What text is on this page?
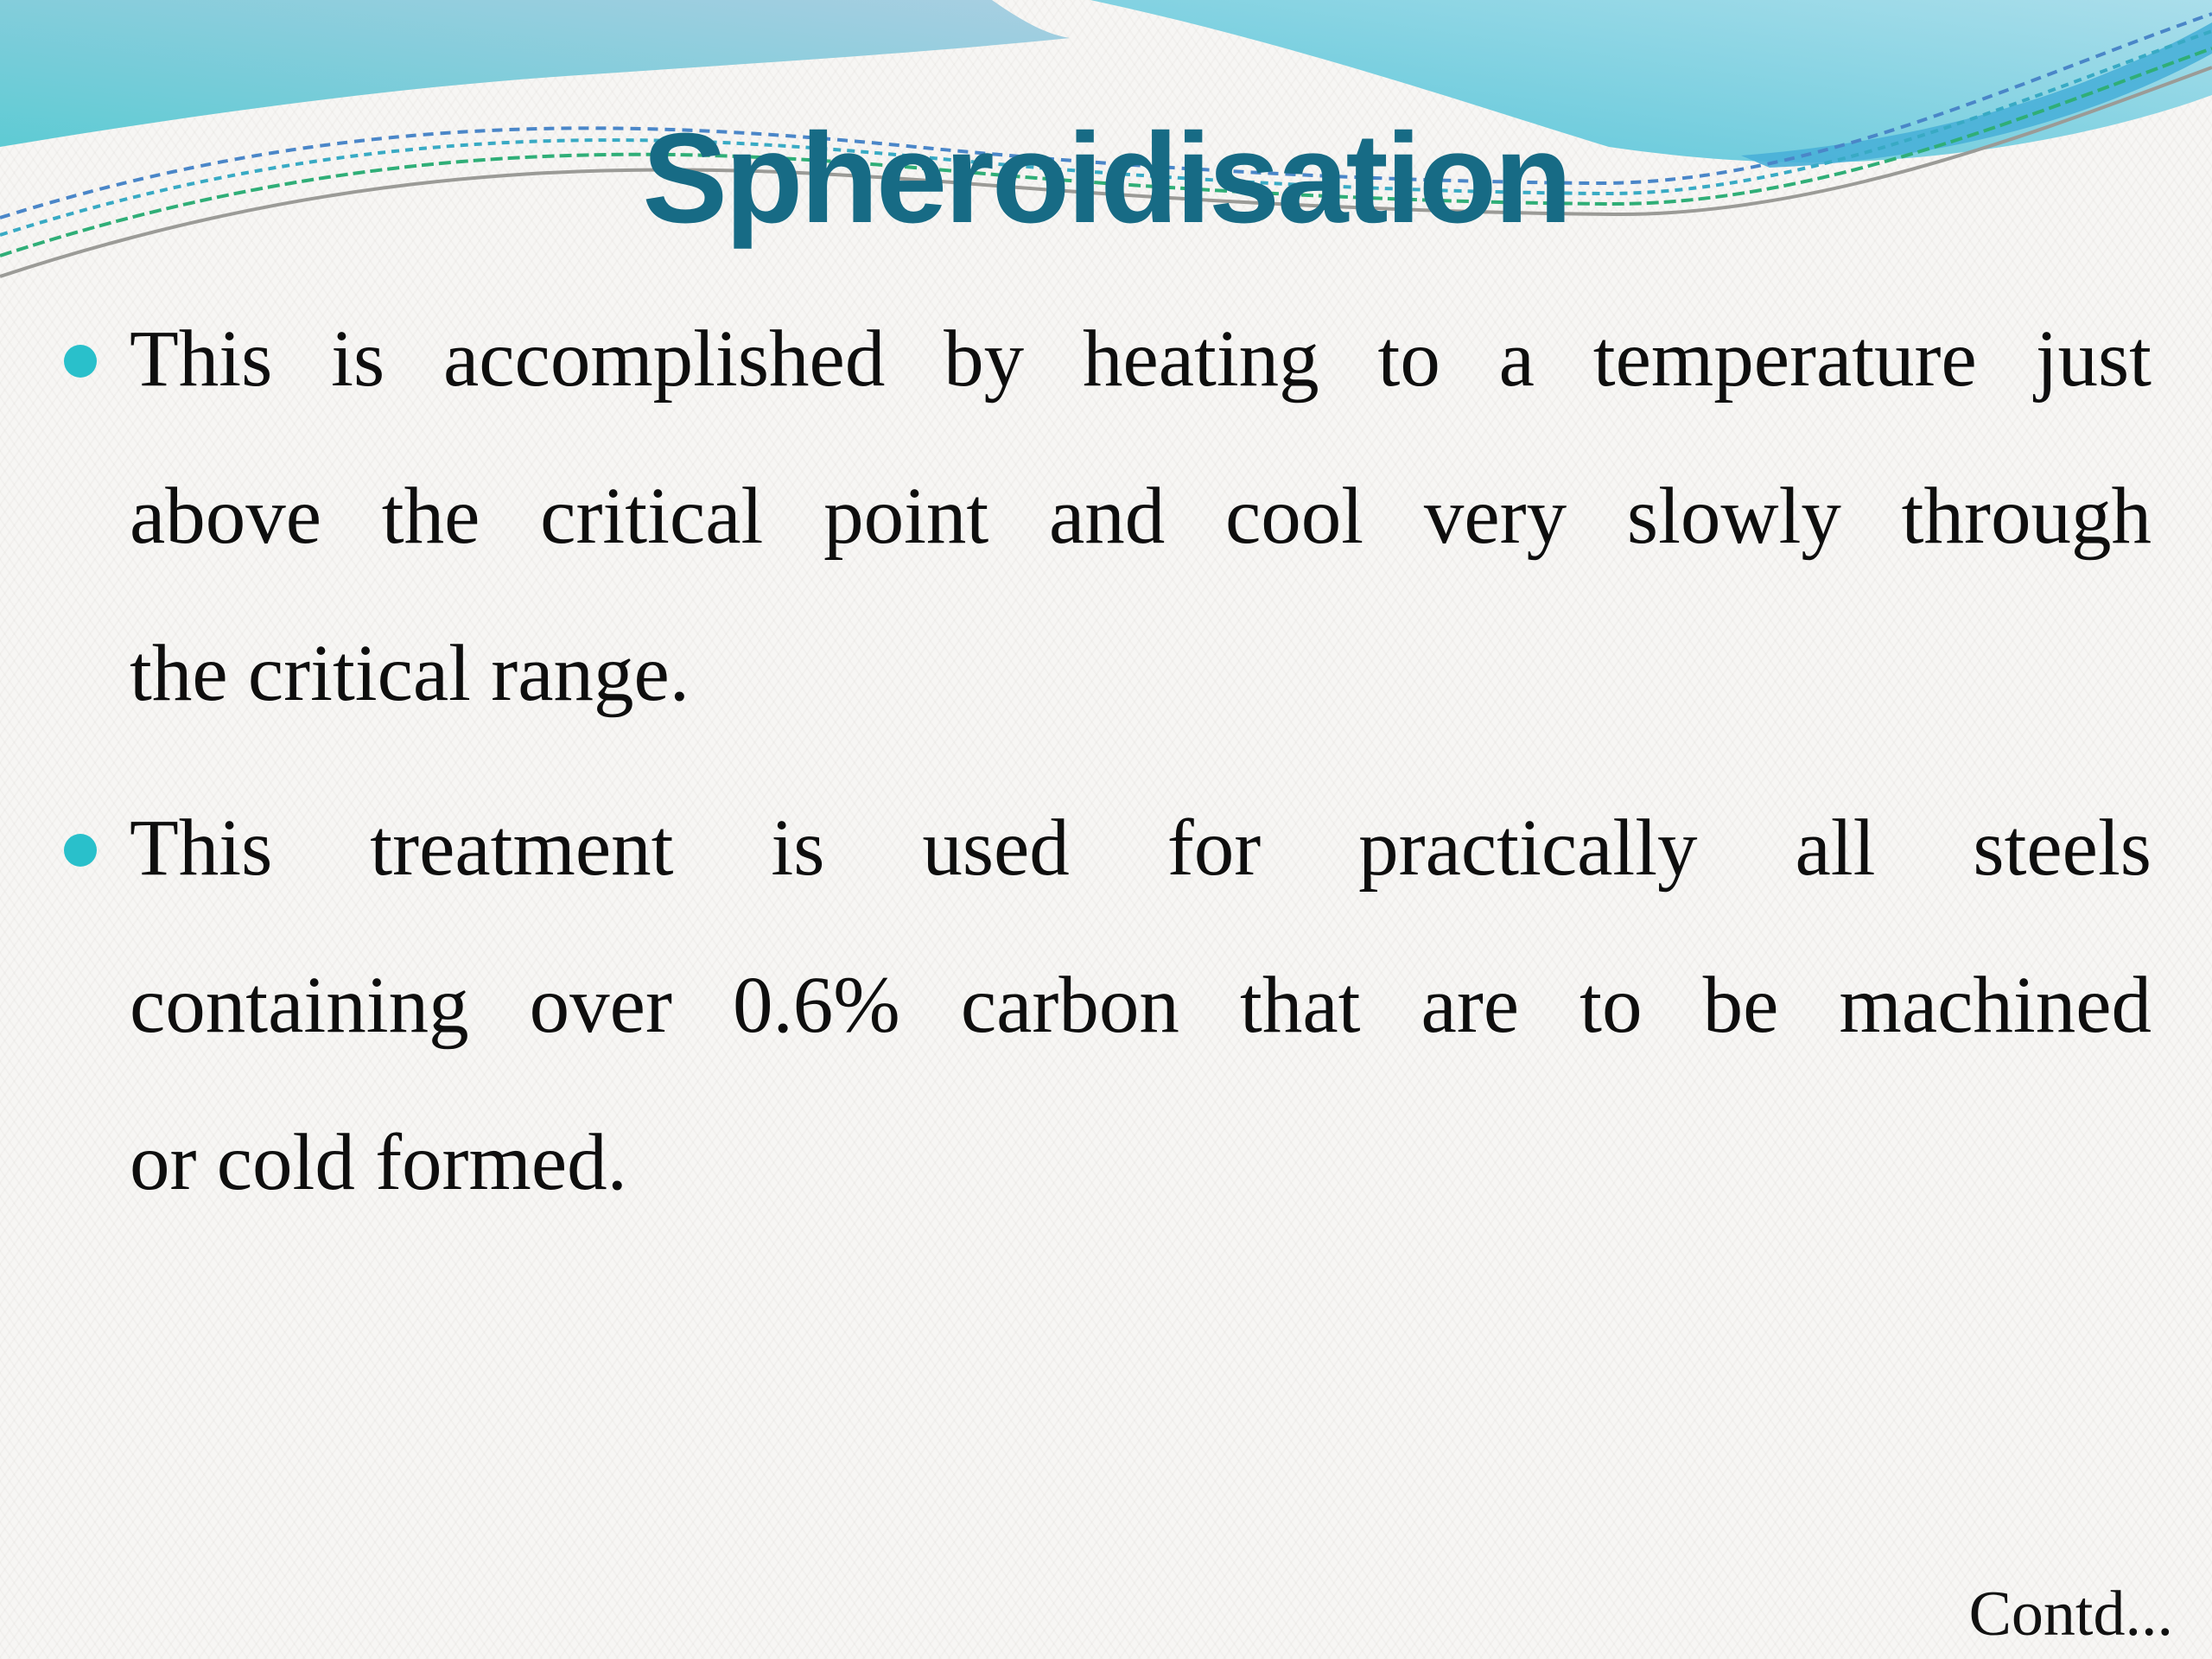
Spheroidisation
This is accomplished by heating to a temperature just
above the critical point and cool very slowly through
the critical range.
This treatment is used for practically all steels
containing over 0.6% carbon that are to be machined
or cold formed.
Contd...
